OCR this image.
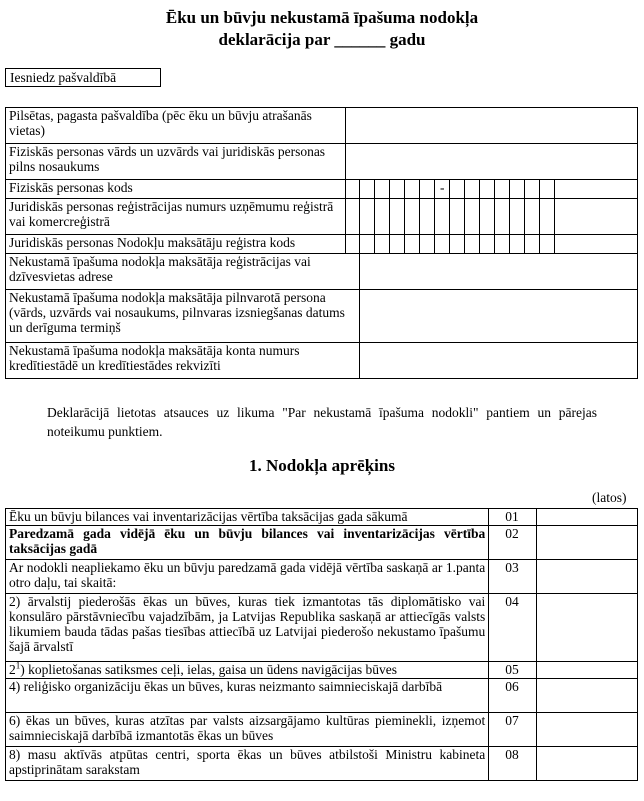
Ēku un būvju nekustamā īpašuma nodokļa
deklarācija par ______ gadu
Iesniedz pašvaldībā
Pilsētas, pagasta pašvaldība (pēc ēku un būvju atrašanās vietas)															
Fiziskās personas vārds un uzvārds vai juridiskās personas pilns nosaukums															
Fiziskās personas kods							-								
Juridiskās personas reģistrācijas numurs uzņēmumu reģistrā vai komercreģistrā															
Juridiskās personas Nodokļu maksātāju reģistra kods															
Nekustamā īpašuma nodokļa maksātāja reģistrācijas vai dzīvesvietas adrese															
Nekustamā īpašuma nodokļa maksātāja pilnvarotā persona (vārds, uzvārds vai nosaukums, pilnvaras izsniegšanas datums un derīguma termiņš															
Nekustamā īpašuma nodokļa maksātāja konta numurs kredītiestādē un kredītiestādes rekvizīti															
Deklarācijā lietotas atsauces uz likuma "Par nekustamā īpašuma nodokli" pantiem un pārejas noteikumu punktiem.
1. Nodokļa aprēķins
(latos)
Ēku un būvju bilances vai inventarizācijas vērtība taksācijas gada sākumā	01	
Paredzamā gada vidējā ēku un būvju bilances vai inventarizācijas vērtība taksācijas gadā	02	
Ar nodokli neapliekamo ēku un būvju paredzamā gada vidējā vērtība saskaņā ar 1.panta otro daļu, tai skaitā:	03	
2) ārvalstij piederošās ēkas un būves, kuras tiek izmantotas tās diplomātisko vai konsulāro pārstāvniecību vajadzībām, ja Latvijas Republika saskaņā ar attiecīgās valsts likumiem bauda tādas pašas tiesības attiecībā uz Latvijai piederošo nekustamo īpašumu šajā ārvalstī	04	
$2^1$) koplietošanas satiksmes ceļi, ielas, gaisa un ūdens navigācijas būves	05	
4) reliģisko organizāciju ēkas un būves, kuras neizmanto saimnieciskajā darbībā	06	
6) ēkas un būves, kuras atzītas par valsts aizsargājamo kultūras pieminekli, izņemot saimnieciskajā darbībā izmantotās ēkas un būves	07	
8) masu aktīvās atpūtas centri, sporta ēkas un būves atbilstoši Ministru kabineta apstiprinātam sarakstam	08	
